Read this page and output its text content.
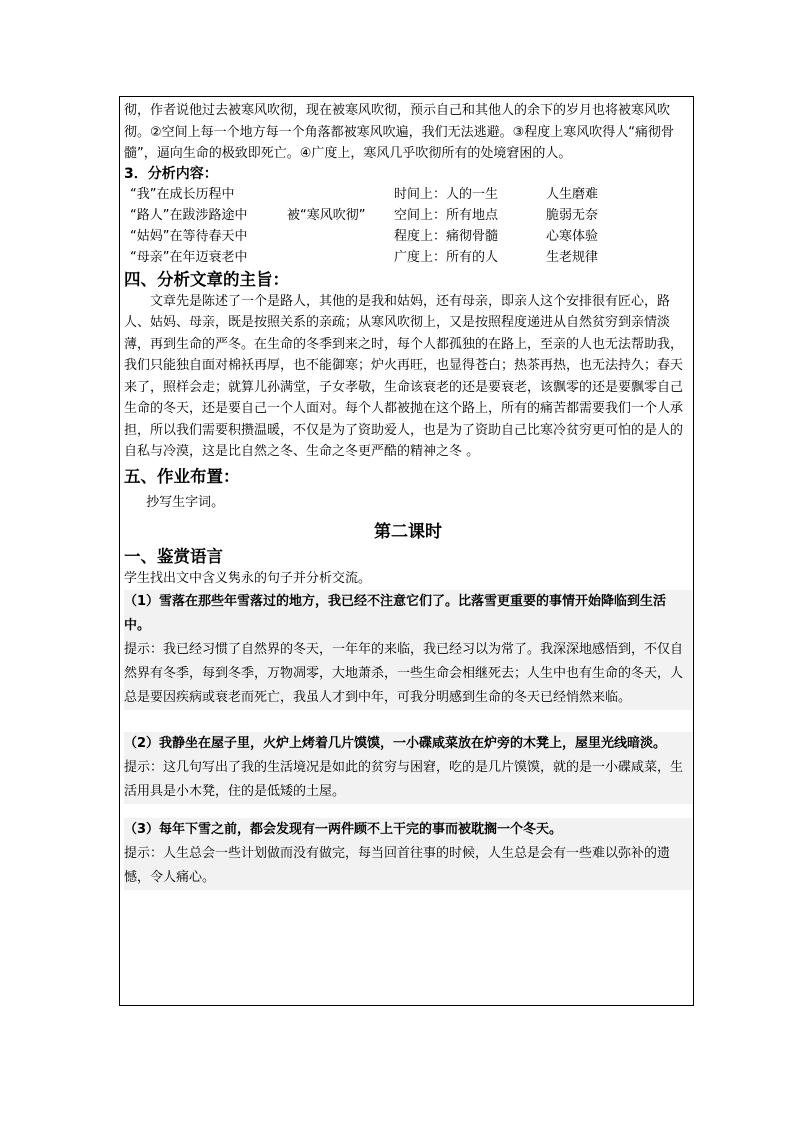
彻，作者说他过去被寒风吹彻，现在被寒风吹彻，预示自己和其他人的余下的岁月也将被寒风吹彻。②空间上每一个地方每一个角落都被寒风吹遍，我们无法逃避。③程度上寒风吹得人“痛彻骨髓”，逼向生命的极致即死亡。④广度上，寒风几乎吹彻所有的处境窘困的人。

3．分析内容：

“我”在成长历程中	时间上：人的一生	人生磨难
“路人”在跋涉路途中	被“寒风吹彻” 空间上：所有地点	脆弱无奈
“姑妈”在等待春天中	程度上：痛彻骨髓	心寒体验
“母亲”在年迈衰老中	广度上：所有的人	生老规律

四、分析文章的主旨：

文章先是陈述了一个是路人，其他的是我和姑妈，还有母亲，即亲人这个安排很有匠心，路人、姑妈、母亲，既是按照关系的亲疏；从寒风吹彻上，又是按照程度递进从自然贫穷到亲情淡薄，再到生命的严冬。在生命的冬季到来之时，每个人都孤独的在路上，至亲的人也无法帮助我，我们只能独自面对棉袄再厚，也不能御寒；炉火再旺，也显得苍白；热茶再热，也无法持久；春天来了，照样会走；就算儿孙满堂，子女孝敬，生命该衰老的还是要衰老，该飘零的还是要飘零自己生命的冬天，还是要自己一个人面对。每个人都被抛在这个路上，所有的痛苦都需要我们一个人承担，所以我们需要积攒温暖，不仅是为了资助爱人，也是为了资助自己比寒冷贫穷更可怕的是人的自私与冷漠，这是比自然之冬、生命之冬更严酷的精神之冬 。

五、作业布置：

抄写生字词。

第二课时

一、鉴赏语言

学生找出文中含义隽永的句子并分析交流。

（1）雪落在那些年雪落过的地方，我已经不注意它们了。比落雪更重要的事情开始降临到生活中。

提示：我已经习惯了自然界的冬天，一年年的来临，我已经习以为常了。我深深地感悟到，不仅自然界有冬季，每到冬季，万物凋零，大地萧杀，一些生命会相继死去；人生中也有生命的冬天，人总是要因疾病或衰老而死亡，我虽人才到中年，可我分明感到生命的冬天已经悄然来临。

（2）我静坐在屋子里，火炉上烤着几片馍馍，一小碟咸菜放在炉旁的木凳上，屋里光线暗淡。

提示：这几句写出了我的生活境况是如此的贫穷与困窘，吃的是几片馍馍，就的是一小碟咸菜，生活用具是小木凳，住的是低矮的土屋。

（3）每年下雪之前，都会发现有一两件顾不上干完的事而被耽搁一个冬天。

提示：人生总会一些计划做而没有做完，每当回首往事的时候，人生总是会有一些难以弥补的遗憾，令人痛心。
